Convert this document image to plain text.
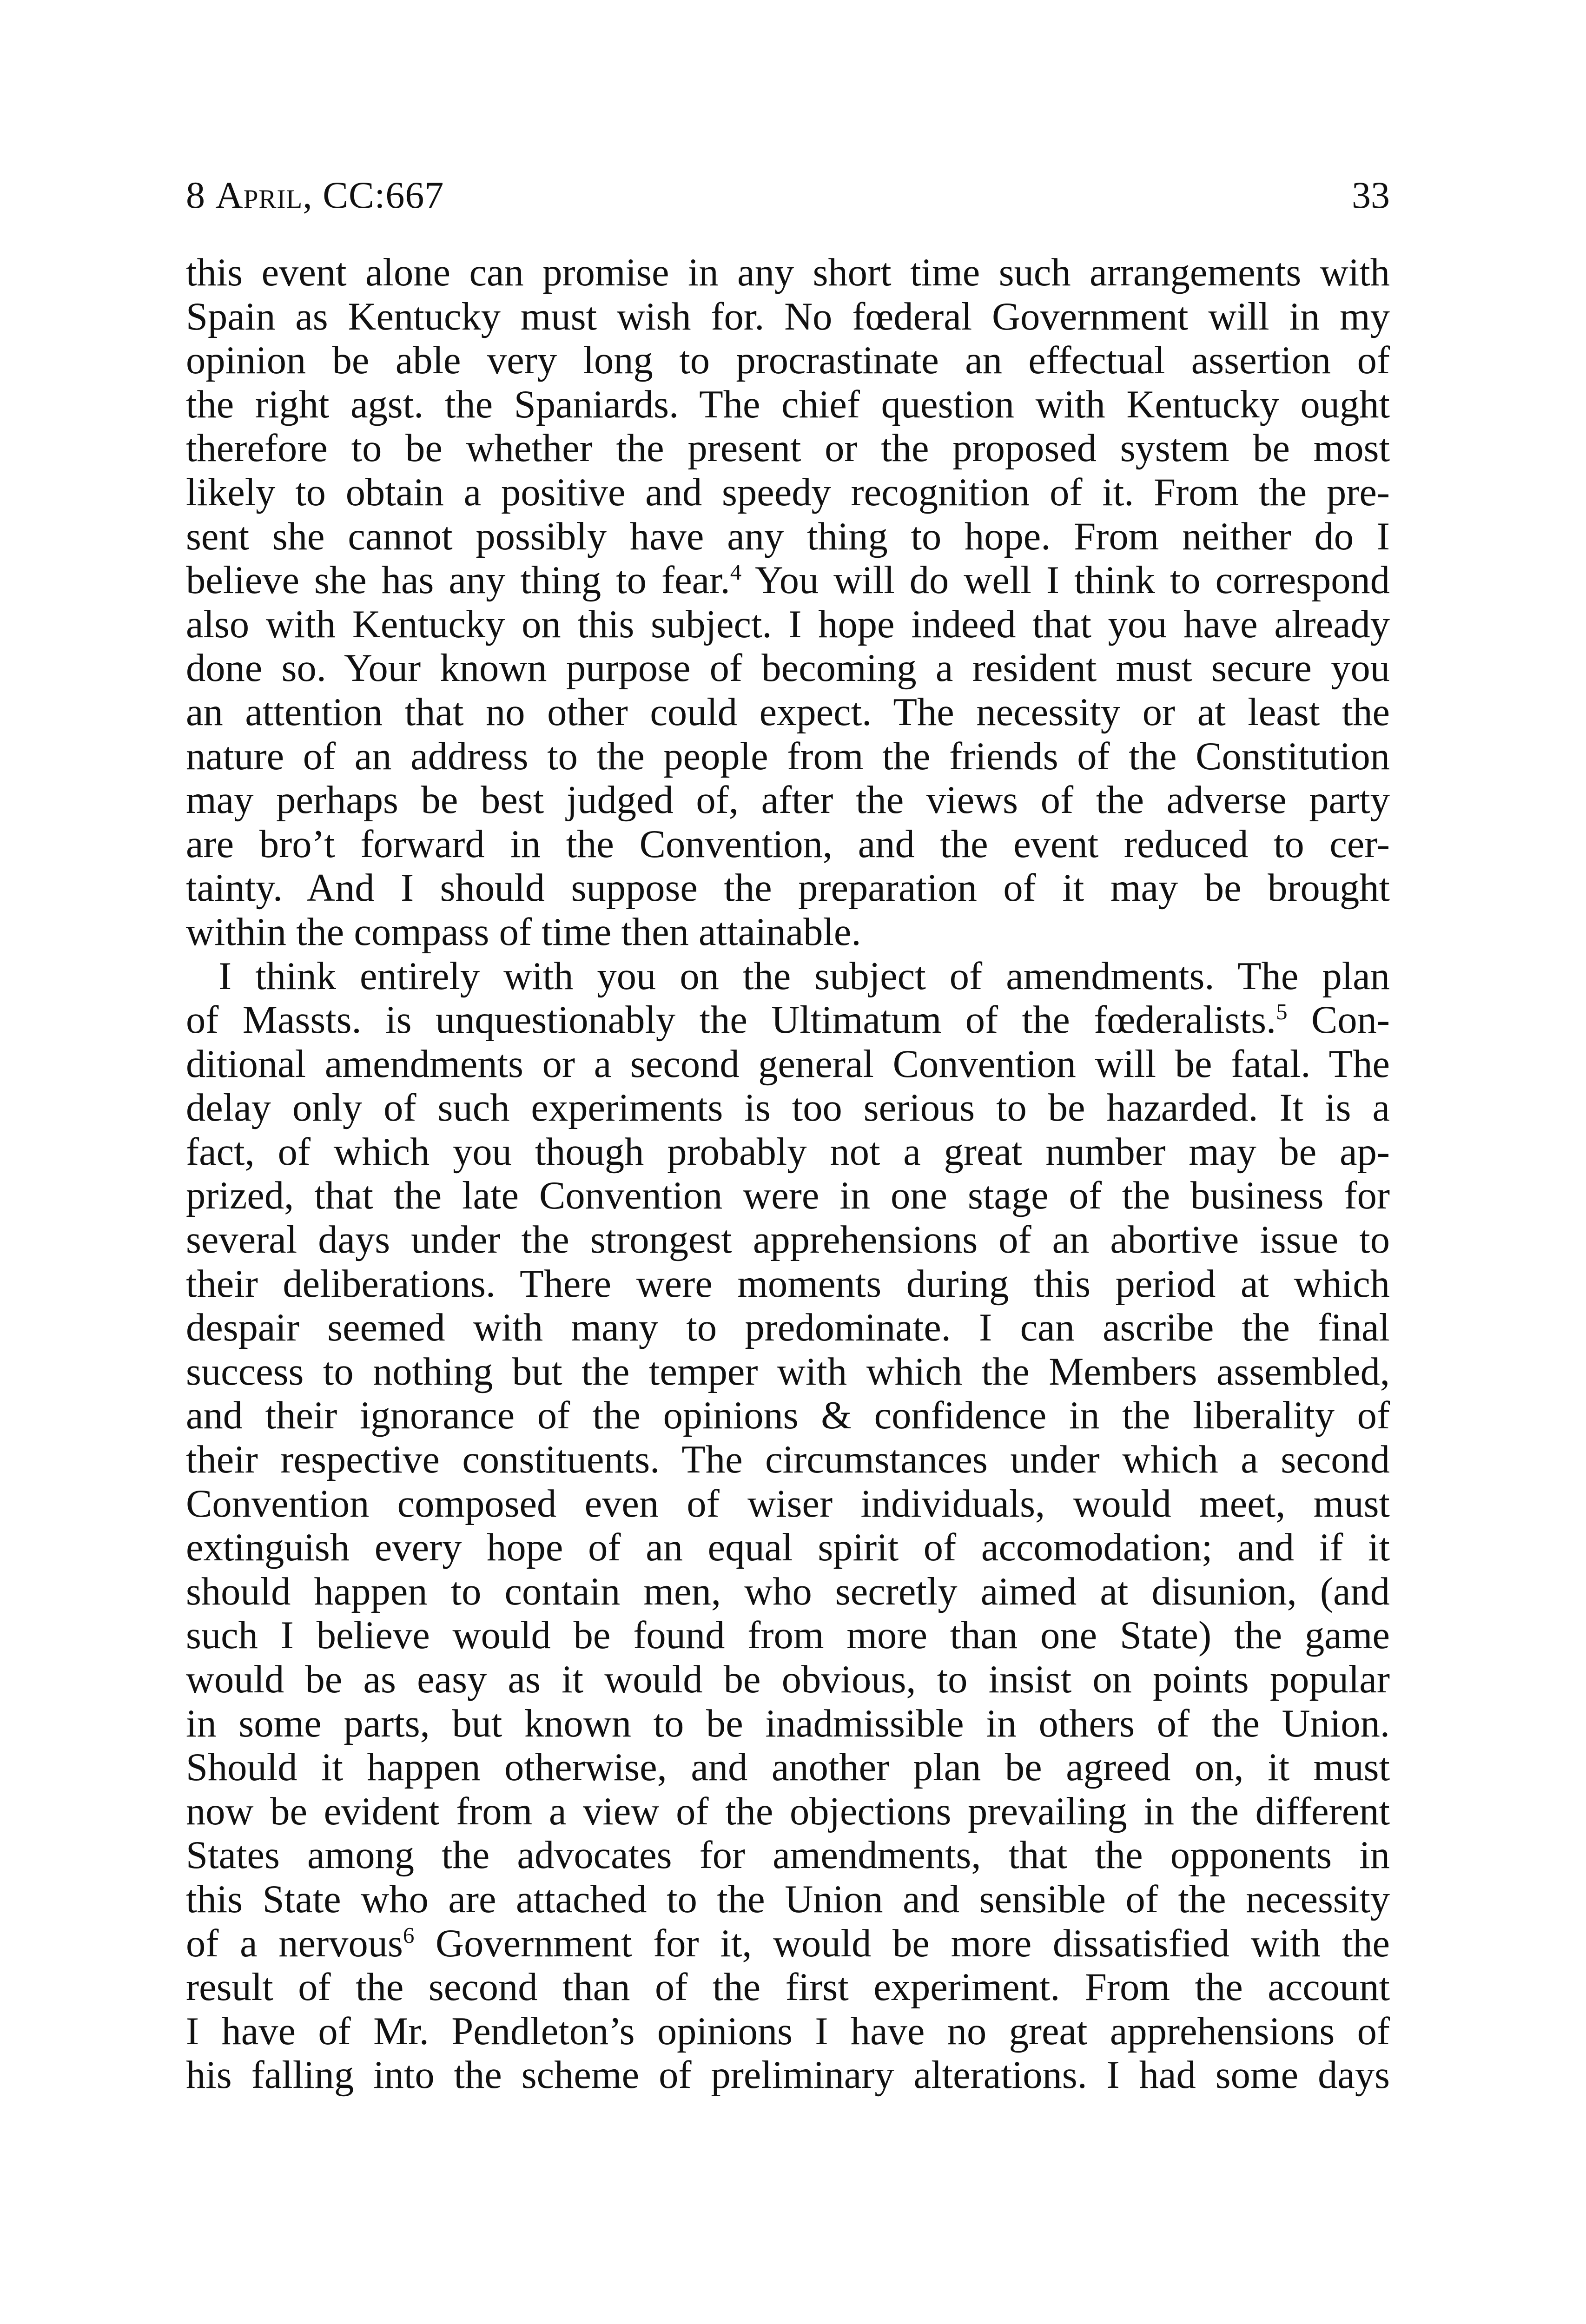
8 April, CC:667	33
this event alone can promise in any short time such arrangements with
Spain as Kentucky must wish for. No fœderal Government will in my
opinion be able very long to procrastinate an effectual assertion of
the right agst. the Spaniards. The chief question with Kentucky ought
therefore to be whether the present or the proposed system be most
likely to obtain a positive and speedy recognition of it. From the pre-
sent she cannot possibly have any thing to hope. From neither do I
believe she has any thing to fear.$^4$ You will do well I think to correspond
also with Kentucky on this subject. I hope indeed that you have already
done so. Your known purpose of becoming a resident must secure you
an attention that no other could expect. The necessity or at least the
nature of an address to the people from the friends of the Constitution
may perhaps be best judged of, after the views of the adverse party
are bro’t forward in the Convention, and the event reduced to cer-
tainty. And I should suppose the preparation of it may be brought
within the compass of time then attainable.
I think entirely with you on the subject of amendments. The plan
of Massts. is unquestionably the Ultimatum of the fœderalists.$^5$ Con-
ditional amendments or a second general Convention will be fatal. The
delay only of such experiments is too serious to be hazarded. It is a
fact, of which you though probably not a great number may be ap-
prized, that the late Convention were in one stage of the business for
several days under the strongest apprehensions of an abortive issue to
their deliberations. There were moments during this period at which
despair seemed with many to predominate. I can ascribe the final
success to nothing but the temper with which the Members assembled,
and their ignorance of the opinions & confidence in the liberality of
their respective constituents. The circumstances under which a second
Convention composed even of wiser individuals, would meet, must
extinguish every hope of an equal spirit of accomodation; and if it
should happen to contain men, who secretly aimed at disunion, (and
such I believe would be found from more than one State) the game
would be as easy as it would be obvious, to insist on points popular
in some parts, but known to be inadmissible in others of the Union.
Should it happen otherwise, and another plan be agreed on, it must
now be evident from a view of the objections prevailing in the different
States among the advocates for amendments, that the opponents in
this State who are attached to the Union and sensible of the necessity
of a nervous$^6$ Government for it, would be more dissatisfied with the
result of the second than of the first experiment. From the account
I have of Mr. Pendleton’s opinions I have no great apprehensions of
his falling into the scheme of preliminary alterations. I had some days
